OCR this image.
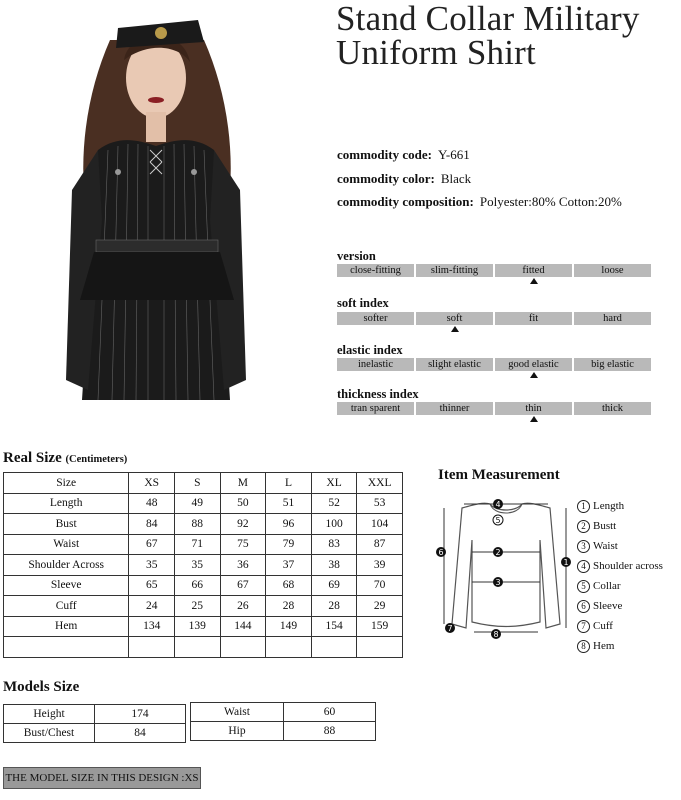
Stand Collar Military
Uniform Shirt
commodity code: Y-661
commodity color: Black
commodity composition: Polyester:80% Cotton:20%
version
close-fitting	slim-fitting	fitted	loose
soft index
softer	soft	fit	hard
elastic index
inelastic	slight elastic	good elastic	big elastic
thickness index
tran sparent	thinner	thin	thick
Real Size (Centimeters)
Size	XS	S	M	L	XL	XXL
Length	48	49	50	51	52	53
Bust	84	88	92	96	100	104
Waist	67	71	75	79	83	87
Shoulder Across	35	35	36	37	38	39
Sleeve	65	66	67	68	69	70
Cuff	24	25	26	28	28	29
Hem	134	139	144	149	154	159

Item Measurement
4
5
2
3
1
6
7
8
1 Length
2 Bustt
3 Waist
4 Shoulder across
5 Collar
6 Sleeve
7 Cuff
8 Hem
Models Size
Height	174
Bust/Chest	84
Waist	60
Hip	88
THE MODEL SIZE IN THIS DESIGN :XS
